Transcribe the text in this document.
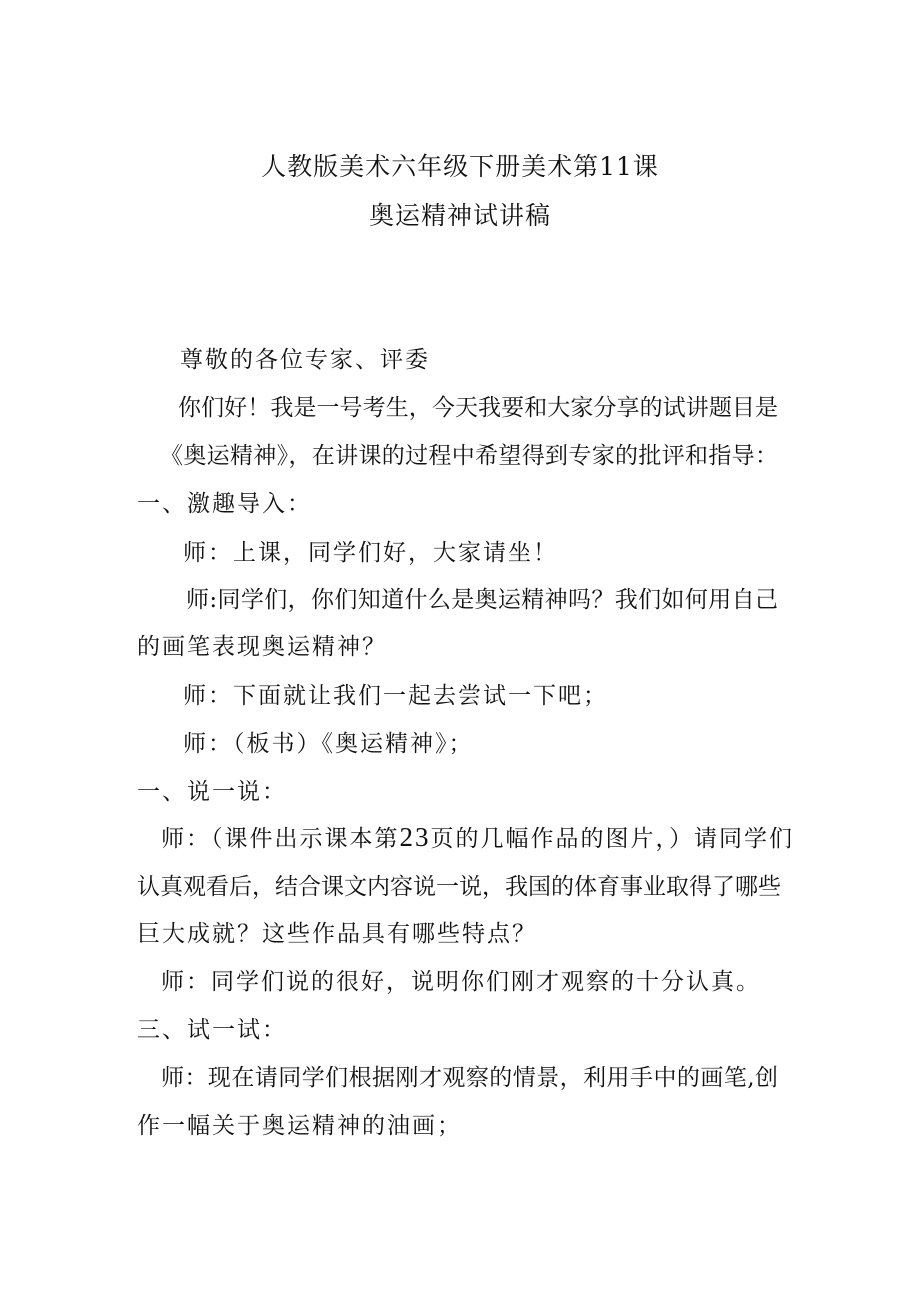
人教版美术六年级下册美术第11课
奥运精神试讲稿
尊敬的各位专家、评委
你们好！我是一号考生，今天我要和大家分享的试讲题目是
《奥运精神》，在讲课的过程中希望得到专家的批评和指导：
一、激趣导入：
师：上课，同学们好，大家请坐！
师:同学们，你们知道什么是奥运精神吗？我们如何用自己
的画笔表现奥运精神？
师：下面就让我们一起去尝试一下吧；
师：（板书）《奥运精神》；
一、说一说：
师：（课件出示课本第23页的几幅作品的图片，）请同学们
认真观看后，结合课文内容说一说，我国的体育事业取得了哪些
巨大成就？这些作品具有哪些特点？
师：同学们说的很好，说明你们刚才观察的十分认真。
三、试一试：
师：现在请同学们根据刚才观察的情景，利用手中的画笔,创
作一幅关于奥运精神的油画；
